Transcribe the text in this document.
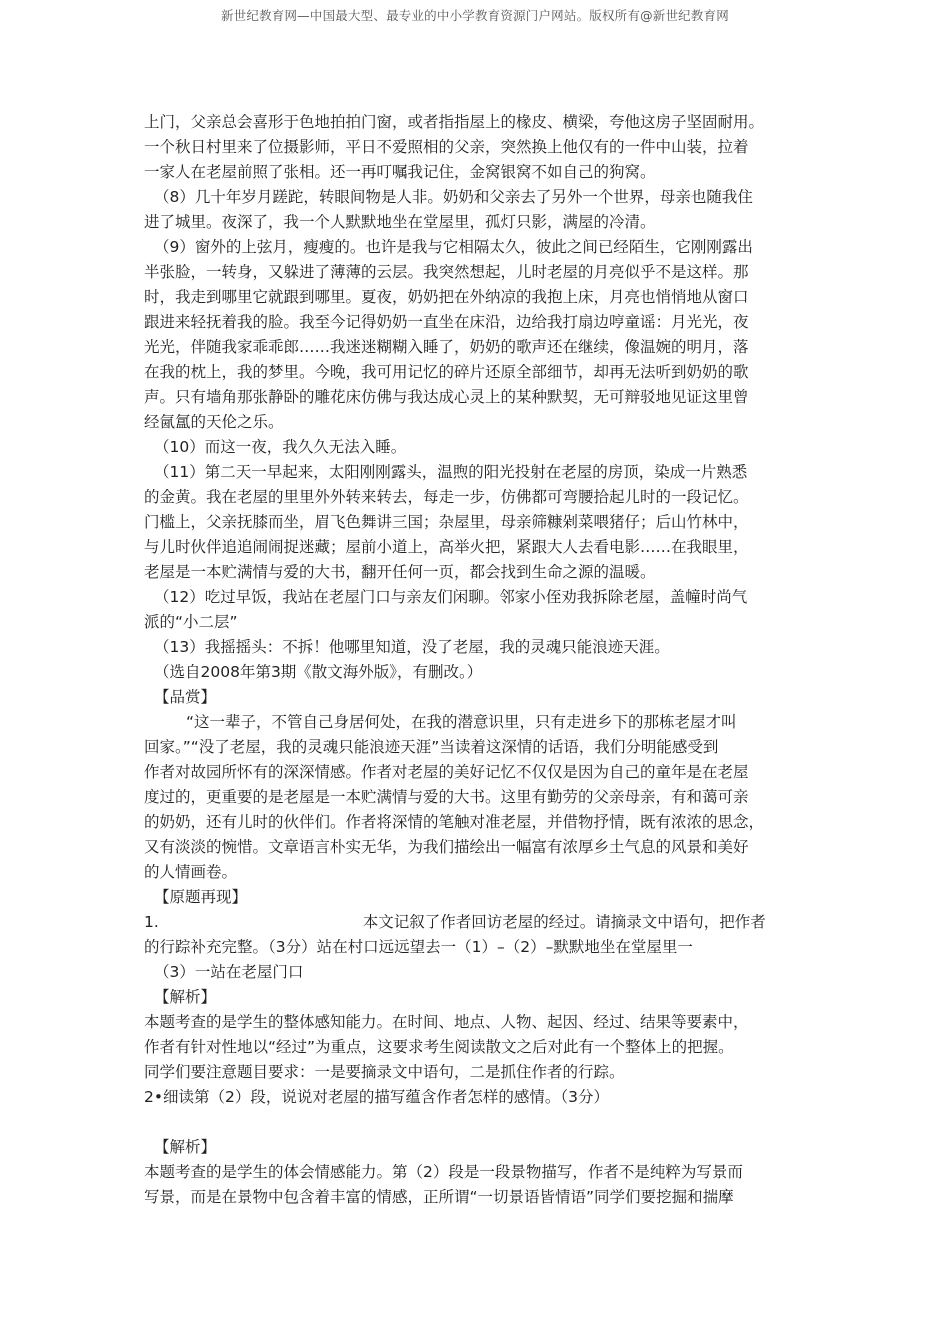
新世纪教育网—中国最大型、最专业的中小学教育资源门户网站。版权所有@新世纪教育网
上门，父亲总会喜形于色地拍拍门窗，或者指指屋上的椽皮、横梁，夸他这房子坚固耐用。
一个秋日村里来了位摄影师，平日不爱照相的父亲，突然换上他仅有的一件中山装，拉着
一家人在老屋前照了张相。还一再叮嘱我记住，金窝银窝不如自己的狗窝。
（8）几十年岁月蹉跎，转眼间物是人非。奶奶和父亲去了另外一个世界，母亲也随我住
进了城里。夜深了，我一个人默默地坐在堂屋里，孤灯只影，满屋的冷清。
（9）窗外的上弦月，瘦瘦的。也许是我与它相隔太久，彼此之间已经陌生，它刚刚露出
半张脸，一转身，又躲进了薄薄的云层。我突然想起，儿时老屋的月亮似乎不是这样。那
时，我走到哪里它就跟到哪里。夏夜，奶奶把在外纳凉的我抱上床，月亮也悄悄地从窗口
跟进来轻抚着我的脸。我至今记得奶奶一直坐在床沿，边给我打扇边哼童谣：月光光，夜
光光，伴随我家乖乖郎……我迷迷糊糊入睡了，奶奶的歌声还在继续，像温婉的明月，落
在我的枕上，我的梦里。今晚，我可用记忆的碎片还原全部细节，却再无法听到奶奶的歌
声。只有墙角那张静卧的雕花床仿佛与我达成心灵上的某种默契，无可辩驳地见证这里曾
经氤氲的天伦之乐。
（10）而这一夜，我久久无法入睡。
（11）第二天一早起来，太阳刚刚露头，温煦的阳光投射在老屋的房顶，染成一片熟悉
的金黄。我在老屋的里里外外转来转去，每走一步，仿佛都可弯腰拾起儿时的一段记忆。
门槛上，父亲抚膝而坐，眉飞色舞讲三国；杂屋里，母亲筛糠剁菜喂猪仔；后山竹林中，
与儿时伙伴追追闹闹捉迷藏；屋前小道上，高举火把，紧跟大人去看电影……在我眼里，
老屋是一本贮满情与爱的大书，翻开任何一页，都会找到生命之源的温暖。
（12）吃过早饭，我站在老屋门口与亲友们闲聊。邻家小侄劝我拆除老屋，盖幢时尚气
派的“小二层”
（13）我摇摇头：不拆！他哪里知道，没了老屋，我的灵魂只能浪迹天涯。
（选自2008年第3期《散文海外版》，有删改。）
【品赏】
“这一辈子，不管自己身居何处，在我的潜意识里，只有走进乡下的那栋老屋才叫
回家。”“没了老屋，我的灵魂只能浪迹天涯”当读着这深情的话语，我们分明能感受到
作者对故园所怀有的深深情感。作者对老屋的美好记忆不仅仅是因为自己的童年是在老屋
度过的，更重要的是老屋是一本贮满情与爱的大书。这里有勤劳的父亲母亲，有和蔼可亲
的奶奶，还有儿时的伙伴们。作者将深情的笔触对准老屋，并借物抒情，既有浓浓的思念，
又有淡淡的惋惜。文章语言朴实无华，为我们描绘出一幅富有浓厚乡土气息的风景和美好
的人情画卷。
【原题再现】
1.	本文记叙了作者回访老屋的经过。请摘录文中语句，把作者
的行踪补充完整。（3分）站在村口远远望去一（1）–（2）–默默地坐在堂屋里一
（3）一站在老屋门口
【解析】
本题考查的是学生的整体感知能力。在时间、地点、人物、起因、经过、结果等要素中，
作者有针对性地以“经过”为重点，这要求考生阅读散文之后对此有一个整体上的把握。
同学们要注意题目要求：一是要摘录文中语句，二是抓住作者的行踪。
2•细读第（2）段，说说对老屋的描写蕴含作者怎样的感情。（3分）
【解析】
本题考查的是学生的体会情感能力。第（2）段是一段景物描写，作者不是纯粹为写景而
写景，而是在景物中包含着丰富的情感，正所谓“一切景语皆情语”同学们要挖掘和揣摩
